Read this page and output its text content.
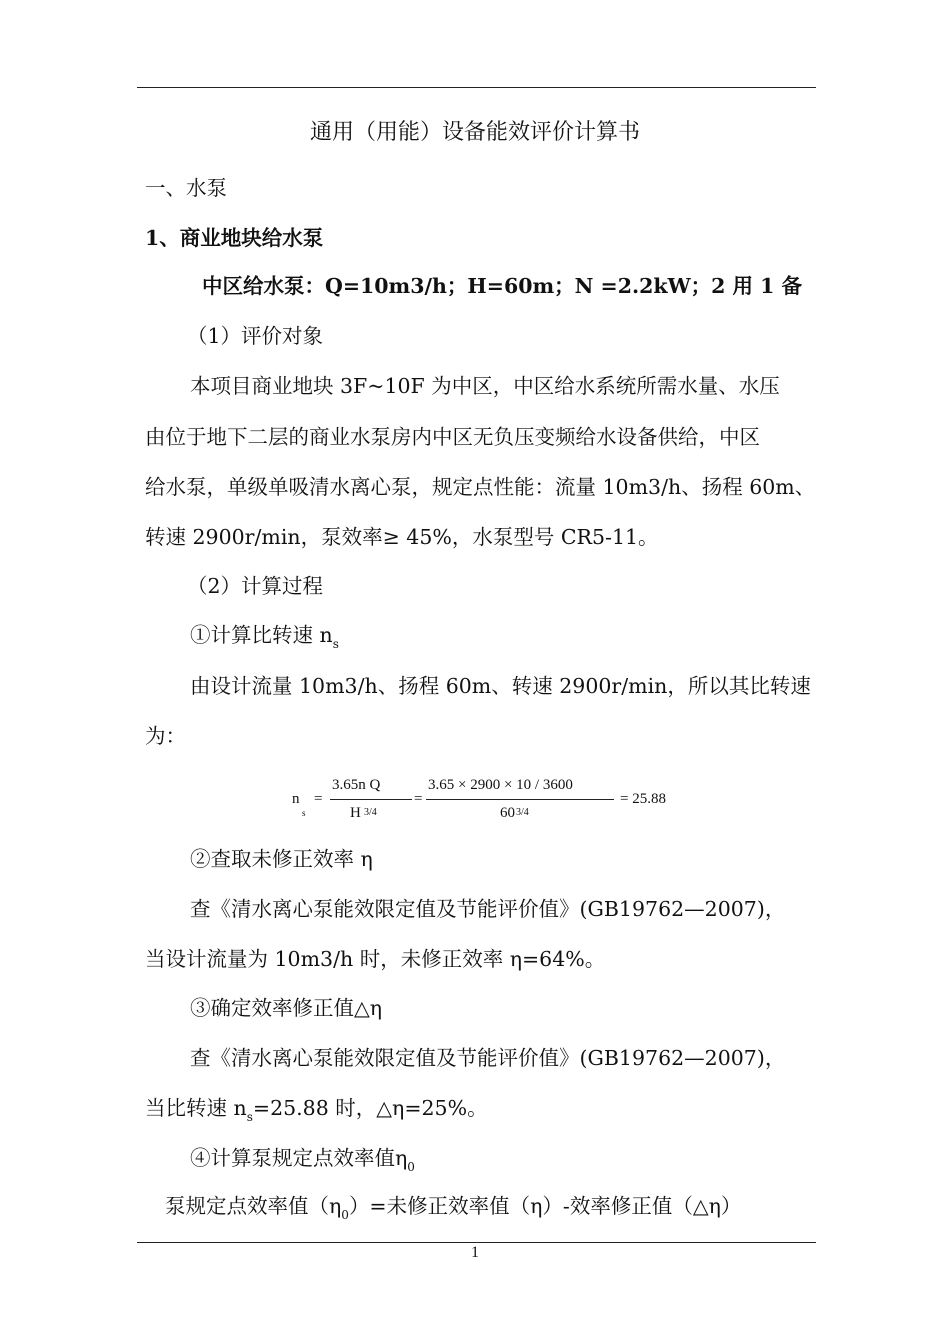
通用（用能）设备能效评价计算书
一、水泵
1、商业地块给水泵
中区给水泵：Q=10m3/h；H=60m；N =2.2kW；2 用 1 备
（1）评价对象
本项目商业地块 3F~10F 为中区，中区给水系统所需水量、水压
由位于地下二层的商业水泵房内中区无负压变频给水设备供给，中区
给水泵，单级单吸清水离心泵，规定点性能：流量 10m3/h、扬程 60m、
转速 2900r/min，泵效率≥ 45%，水泵型号 CR5-11。
（2）计算过程
①计算比转速 $n_s$
由设计流量 10m3/h、扬程 60m、转速 2900r/min，所以其比转速
为：
n
s
=
3.65n Q
H 3/4
=
3.65 × 2900 × 10 / 3600
60 3/4
= 25.88
②查取未修正效率 η
查《清水离心泵能效限定值及节能评价值》(GB19762—2007)，
当设计流量为 10m3/h 时，未修正效率 η=64%。
③确定效率修正值△η
查《清水离心泵能效限定值及节能评价值》(GB19762—2007)，
当比转速 $n_s=25.88$ 时，△η=25%。
④计算泵规定点效率值$\eta_0$
泵规定点效率值$(\eta_0)=$未修正效率值（η）-效率修正值（△η）
1
